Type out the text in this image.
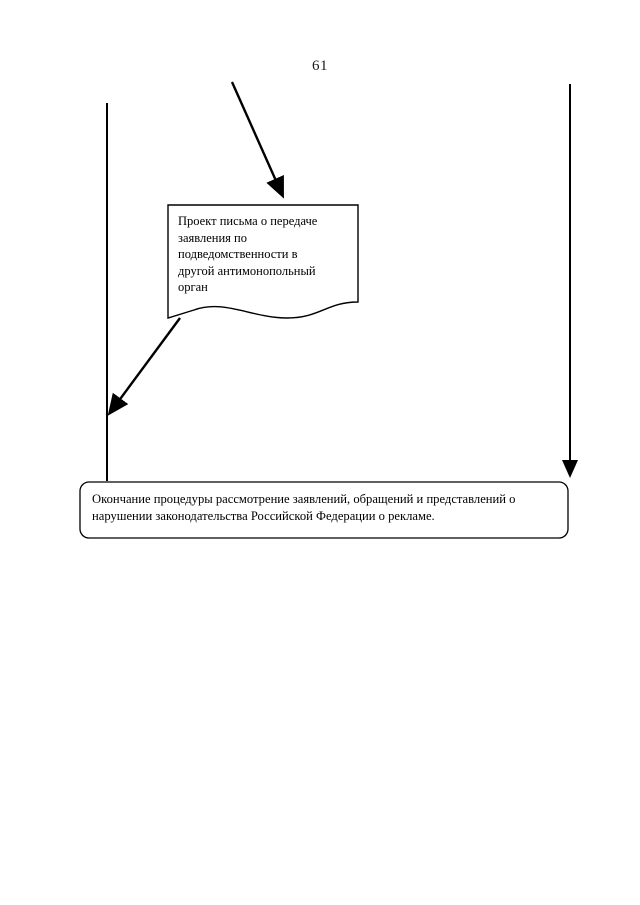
61

Проект письма о передаче

заявления по

подведомственности в

другой антимонопольный

орган

Окончание процедуры рассмотрение заявлений, обращений и представлений о

нарушении законодательства Российской Федерации о рекламе.
